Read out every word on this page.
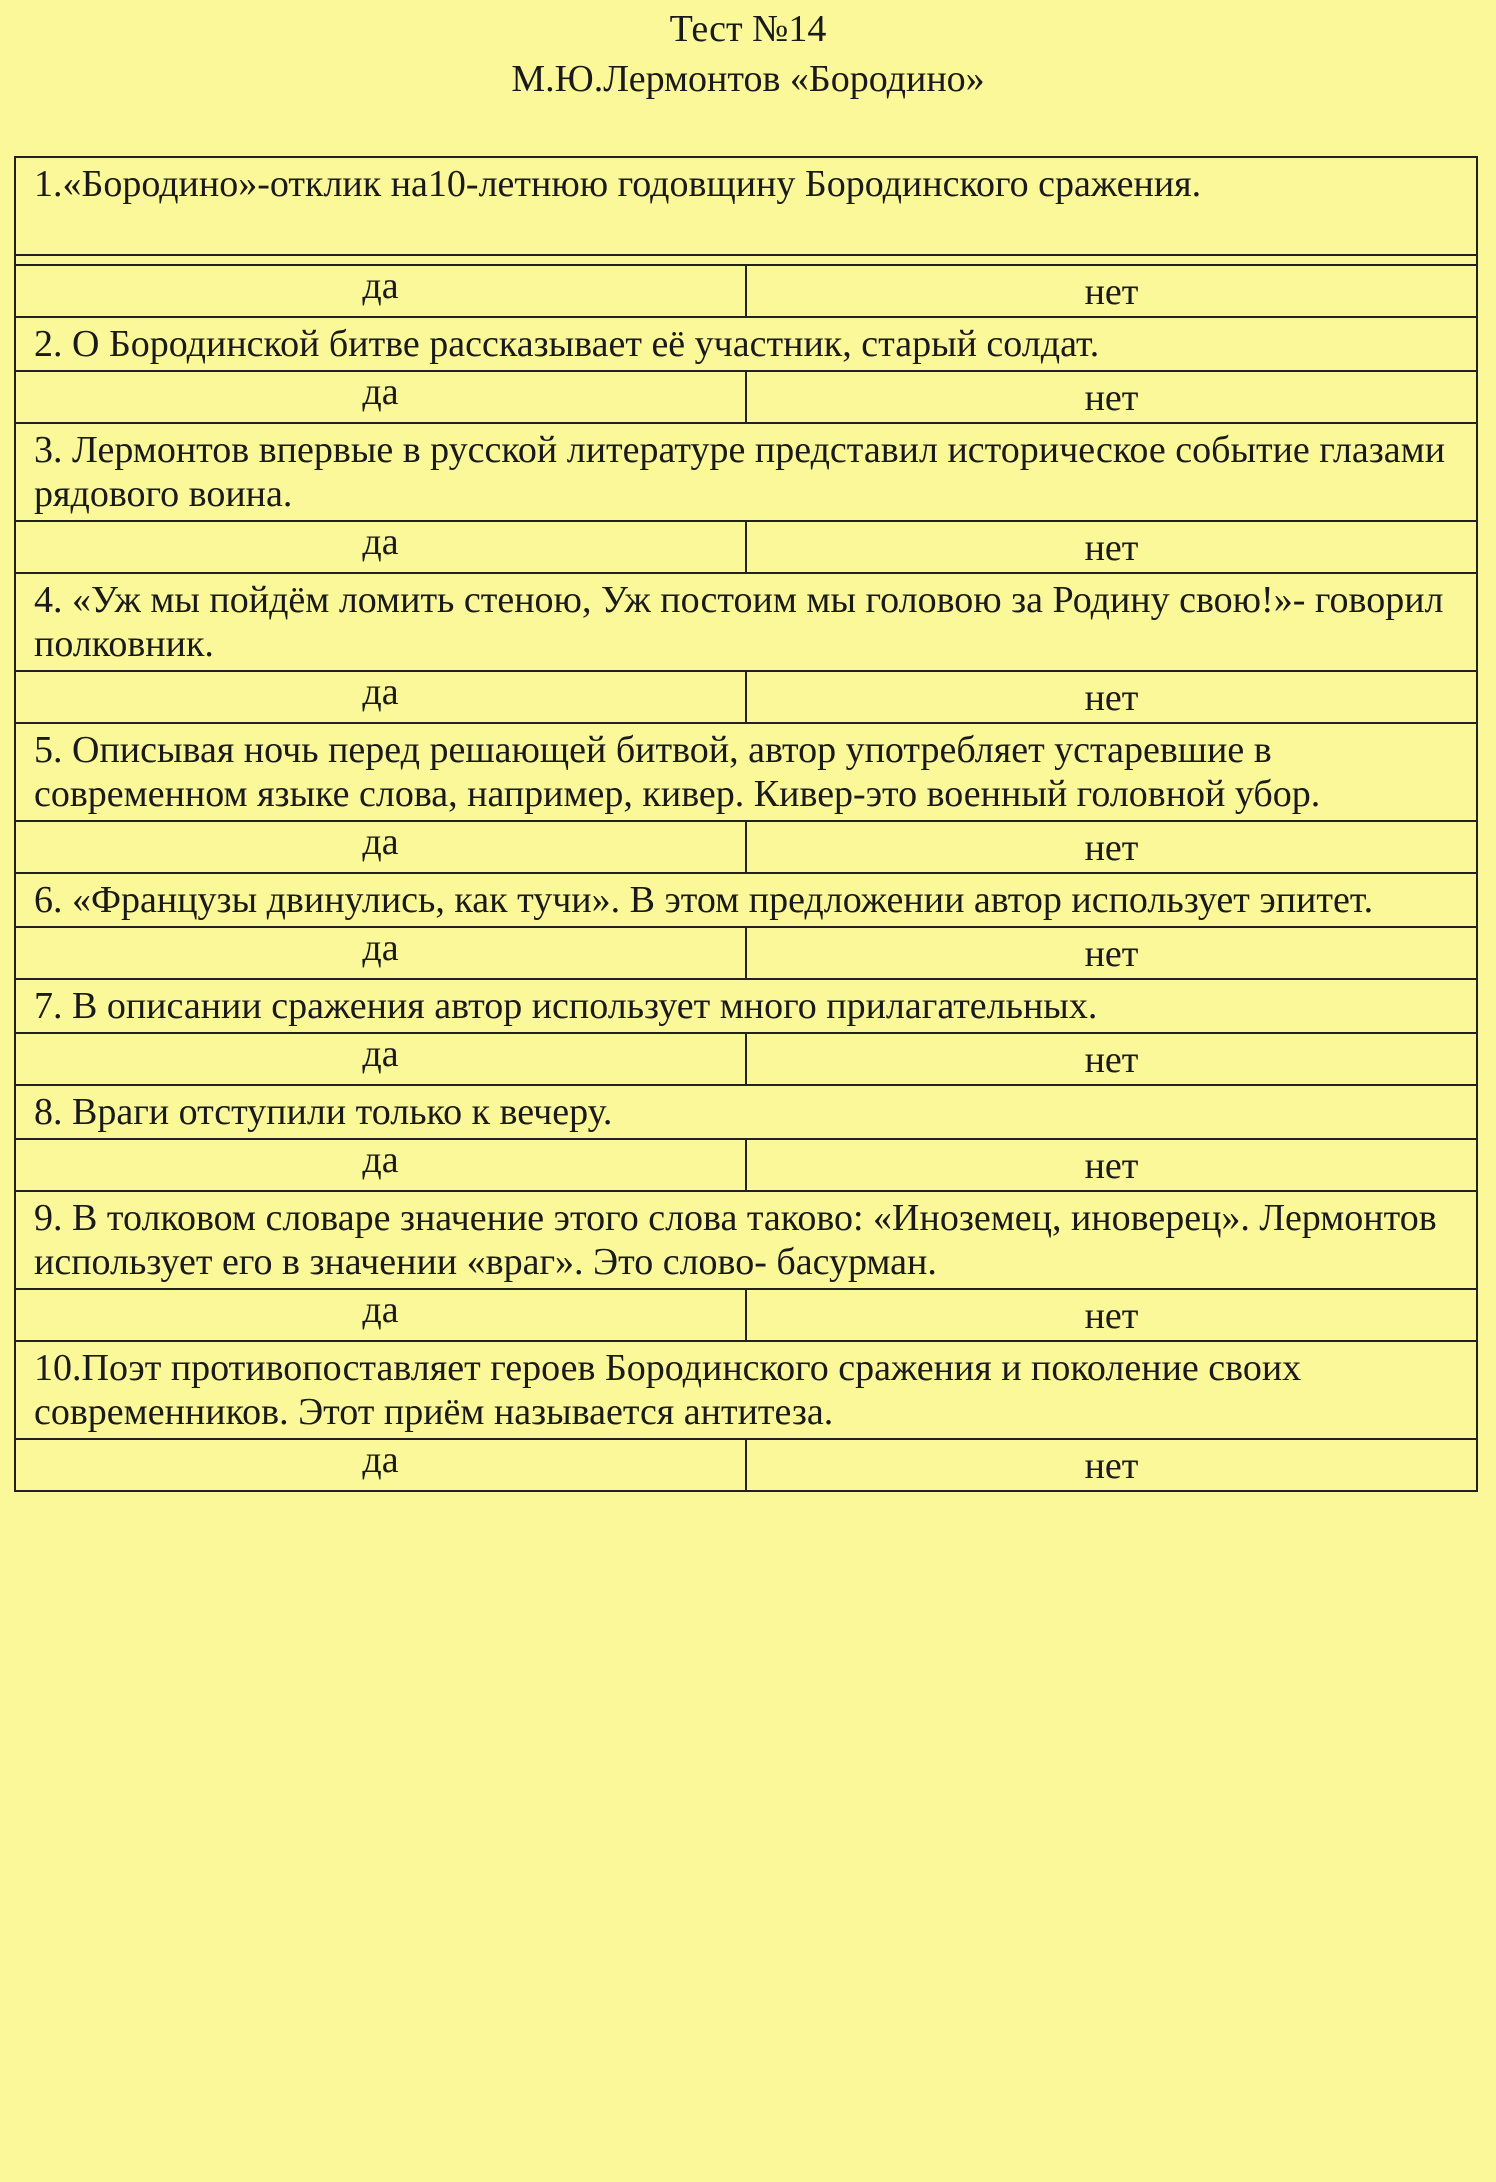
Тест №14
М.Ю.Лермонтов «Бородино»
1.«Бородино»-отклик на10-летнюю годовщину Бородинского сражения.	

да	нет
2. О Бородинской битве рассказывает её участник, старый солдат.	
да	нет
3. Лермонтов впервые в русской литературе представил историческое событие глазами рядового воина.	
да	нет
4. «Уж мы пойдём ломить стеною, Уж постоим мы головою за Родину свою!»- говорил полковник.	
да	нет
5. Описывая ночь перед решающей битвой, автор употребляет устаревшие в современном языке слова, например, кивер. Кивер-это военный головной убор.	
да	нет
6. «Французы двинулись, как тучи». В этом предложении автор использует эпитет.	
да	нет
7. В описании сражения автор использует много прилагательных.	
да	нет
8. Враги отступили только к вечеру.	
да	нет
9. В толковом словаре значение этого слова таково: «Иноземец, иноверец». Лермонтов использует его в значении «враг». Это слово- басурман.	
да	нет
10.Поэт противопоставляет героев Бородинского сражения и поколение своих современников. Этот приём называется антитеза.	
да	нет
